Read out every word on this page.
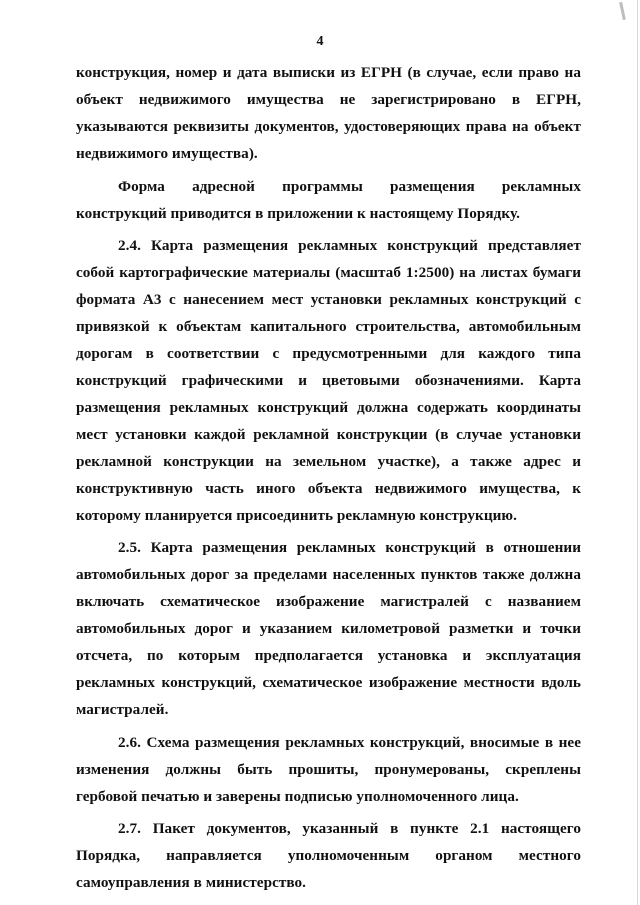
4

конструкция, номер и дата выписки из ЕГРН (в случае, если право на объект недвижимого имущества не зарегистрировано в ЕГРН, указываются реквизиты документов, удостоверяющих права на объект недвижимого имущества).

Форма адресной программы размещения рекламных конструкций приводится в приложении к настоящему Порядку.

2.4. Карта размещения рекламных конструкций представляет собой картографические материалы (масштаб 1:2500) на листах бумаги формата А3 с нанесением мест установки рекламных конструкций с привязкой к объектам капитального строительства, автомобильным дорогам в соответствии с предусмотренными для каждого типа конструкций графическими и цветовыми обозначениями. Карта размещения рекламных конструкций должна содержать координаты мест установки каждой рекламной конструкции (в случае установки рекламной конструкции на земельном участке), а также адрес и конструктивную часть иного объекта недвижимого имущества, к которому планируется присоединить рекламную конструкцию.

2.5. Карта размещения рекламных конструкций в отношении автомобильных дорог за пределами населенных пунктов также должна включать схематическое изображение магистралей с названием автомобильных дорог и указанием километровой разметки и точки отсчета, по которым предполагается установка и эксплуатация рекламных конструкций, схематическое изображение местности вдоль магистралей.

2.6. Схема размещения рекламных конструкций, вносимые в нее изменения должны быть прошиты, пронумерованы, скреплены гербовой печатью и заверены подписью уполномоченного лица.

2.7. Пакет документов, указанный в пункте 2.1 настоящего Порядка, направляется уполномоченным органом местного самоуправления в министерство.
